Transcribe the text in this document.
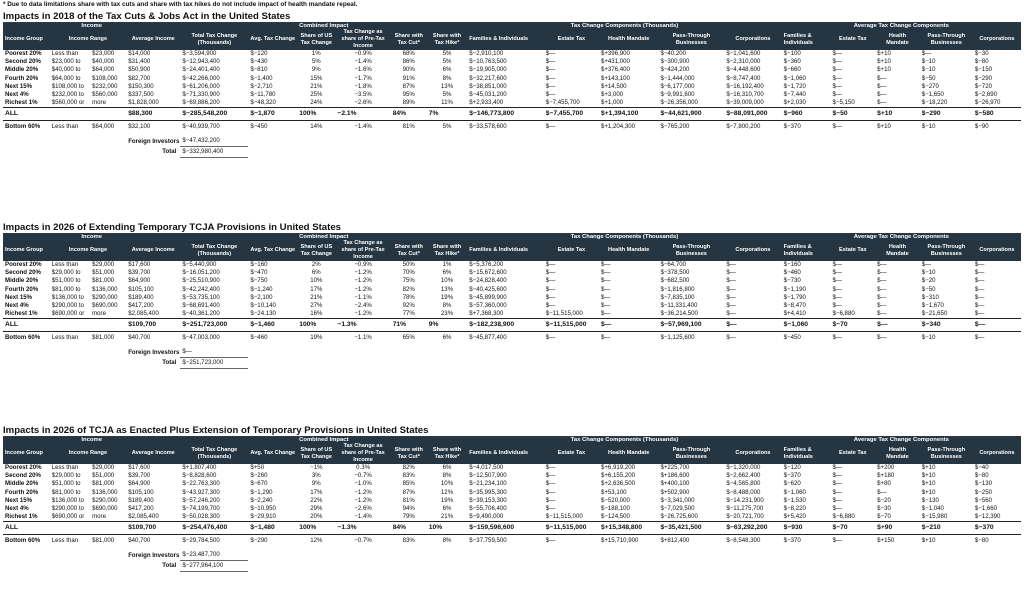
* Due to data limitations share with tax cuts and share with tax hikes do not include impact of health mandate repeal.
Impacts in 2018 of the Tax Cuts & Jobs Act in the United States
Income				Combined Impact						Tax Change Components (Thousands)					Average Tax Change Components				
Income Group	Income Range		Average Income	Total Tax Change (Thousands)	Avg. Tax Change	Share of US Tax Change	Tax Change as share of Pre-Tax Income	Share with Tax Cut*	Share with Tax Hike*	Families & Individuals	Estate Tax	Health Mandate	Pass-Through Businesses	Corporations	Families & Individuals	Estate Tax	Health Mandate	Pass-Through Businesses	Corporations
Poorest 20%	Less than	$23,000	$14,000	$−3,594,900	$−120	1%	−0.9%	68%	5%	$−2,910,100	$—	$+396,900	$−40,200	$−1,041,600	$−100	$—	$+10	$—	$−30
Second 20%	$23,000 to	$40,000	$31,400	$−12,943,400	$−430	5%	−1.4%	86%	5%	$−10,763,500	$—	$+431,000	$−300,900	$−2,310,000	$−360	$—	$+10	$−10	$−80
Middle 20%	$40,000 to	$64,000	$50,900	$−24,401,400	$−810	9%	−1.6%	90%	6%	$−19,905,000	$—	$+376,400	$−424,200	$−4,448,600	$−660	$—	$+10	$−10	$−150
Fourth 20%	$64,000 to	$108,000	$82,700	$−42,266,000	$−1,400	15%	−1.7%	91%	8%	$−32,217,600	$—	$+143,100	$−1,444,000	$−8,747,400	$−1,060	$—	$—	$−50	$−290
Next 15%	$108,000 to	$232,000	$150,300	$−61,206,000	$−2,710	21%	−1.8%	87%	13%	$−38,851,000	$—	$+14,500	$−6,177,000	$−16,192,400	$−1,720	$—	$—	$−270	$−720
Next 4%	$232,000 to	$560,000	$337,500	$−71,330,900	$−11,780	25%	−3.5%	95%	5%	$−45,031,200	$—	$+3,000	$−9,991,600	$−16,310,700	$−7,440	$—	$—	$−1,650	$−2,690
Richest 1%	$560,000 or	more	$1,828,000	$−69,886,200	$−48,320	24%	−2.6%	89%	11%	$+2,933,400	$−7,455,700	$+1,000	$−26,356,000	$−39,009,000	$+2,030	$−5,150	$—	$−18,220	$−26,970
ALL			$88,300	$−285,548,200	$−1,870	100%	−2.1%	84%	7%	$−146,773,800	$−7,455,700	$+1,394,100	$−44,621,900	$−88,091,000	$−960	$−50	$+10	$−290	$−580
Bottom 60%	Less than	$64,000	$32,100	$−40,939,700	$−450	14%	−1.4%	81%	5%	$−33,578,600	$—	$+1,204,300	$−765,200	$−7,800,200	$−370	$—	$+10	$−10	$−90

			Foreign Investors	$−47,432,200															
			Total	$−332,980,400															
Impacts in 2026 of Extending Temporary TCJA Provisions in United States
Income				Combined Impact						Tax Change Components (Thousands)					Average Tax Change Components				
Income Group	Income Range		Average Income	Total Tax Change (Thousands)	Avg. Tax Change	Share of US Tax Change	Tax Change as share of Pre-Tax Income	Share with Tax Cut*	Share with Tax Hike*	Families & Individuals	Estate Tax	Health Mandate	Pass-Through Businesses	Corporations	Families & Individuals	Estate Tax	Health Mandate	Pass-Through Businesses	Corporations
Poorest 20%	Less than	$29,000	$17,600	$−5,440,900	$−160	2%	−0.9%	50%	1%	$−5,376,200	$—	$—	$−64,700	$—	$−160	$—	$—	$—	$—
Second 20%	$29,000 to	$51,000	$39,700	$−16,051,200	$−470	6%	−1.2%	70%	6%	$−15,672,600	$—	$—	$−378,500	$—	$−460	$—	$—	$−10	$—
Middle 20%	$51,000 to	$81,000	$64,900	$−25,510,900	$−750	10%	−1.2%	75%	10%	$−24,828,400	$—	$—	$−682,500	$—	$−730	$—	$—	$−20	$—
Fourth 20%	$81,000 to	$136,000	$105,100	$−42,242,400	$−1,240	17%	−1.2%	82%	13%	$−40,425,600	$—	$—	$−1,816,800	$—	$−1,190	$—	$—	$−50	$—
Next 15%	$136,000 to	$290,000	$189,400	$−53,735,100	$−2,100	21%	−1.1%	78%	19%	$−45,899,900	$—	$—	$−7,835,100	$—	$−1,790	$—	$—	$−310	$—
Next 4%	$290,000 to	$690,000	$417,200	$−68,691,400	$−10,140	27%	−2.4%	92%	8%	$−57,360,000	$—	$—	$−11,331,400	$—	$−8,470	$—	$—	$−1,670	$—
Richest 1%	$690,000 or	more	$2,085,400	$−40,361,200	$−24,130	16%	−1.2%	77%	23%	$+7,368,300	$−11,515,000	$—	$−36,214,500	$—	$+4,410	$−6,880	$—	$−21,650	$—
ALL			$109,700	$−251,723,000	$−1,460	100%	−1.3%	71%	9%	$−182,238,900	$−11,515,000	$—	$−57,969,100	$—	$−1,060	$−70	$—	$−340	$—
Bottom 60%	Less than	$81,000	$40,700	$−47,003,000	$−460	19%	−1.1%	65%	6%	$−45,877,400	$—	$—	$−1,125,600	$—	$−450	$—	$—	$−10	$—

			Foreign Investors	$—															
			Total	$−251,723,000															
Impacts in 2026 of TCJA as Enacted Plus Extension of Temporary Provisions in United States
Income				Combined Impact						Tax Change Components (Thousands)					Average Tax Change Components				
Income Group	Income Range		Average Income	Total Tax Change (Thousands)	Avg. Tax Change	Share of US Tax Change	Tax Change as share of Pre-Tax Income	Share with Tax Cut*	Share with Tax Hike*	Families & Individuals	Estate Tax	Health Mandate	Pass-Through Businesses	Corporations	Families & Individuals	Estate Tax	Health Mandate	Pass-Through Businesses	Corporations
Poorest 20%	Less than	$29,000	$17,600	$+1,807,400	$+50	−1%	0.3%	82%	6%	$−4,017,500	$—	$+6,919,200	$+225,700	$−1,320,000	$−120	$—	$+200	$+10	$−40
Second 20%	$29,000 to	$51,000	$39,700	$−8,828,600	$−260	3%	−0.7%	83%	8%	$−12,507,900	$—	$+6,155,200	$+186,600	$−2,662,400	$−370	$—	$+180	$+10	$−80
Middle 20%	$51,000 to	$81,000	$64,900	$−22,763,300	$−670	9%	−1.0%	85%	10%	$−21,234,100	$—	$+2,636,500	$+400,100	$−4,565,800	$−620	$—	$+80	$+10	$−130
Fourth 20%	$81,000 to	$136,000	$105,100	$−43,927,300	$−1,290	17%	−1.2%	87%	12%	$−35,995,300	$—	$+53,100	$+502,900	$−8,488,000	$−1,060	$—	$—	$+10	$−250
Next 15%	$136,000 to	$290,000	$189,400	$−57,246,200	$−2,240	22%	−1.2%	81%	19%	$−39,153,300	$—	$−520,000	$−3,341,000	$−14,231,900	$−1,530	$—	$−20	$−130	$−560
Next 4%	$290,000 to	$690,000	$417,200	$−74,199,700	$−10,950	29%	−2.6%	94%	6%	$−55,706,400	$—	$−188,100	$−7,029,500	$−11,275,700	$−8,220	$—	$−30	$−1,040	$−1,660
Richest 1%	$690,000 or	more	$2,085,400	$−50,028,300	$−29,910	20%	−1.4%	79%	21%	$−9,490,000	$−11,515,000	$−124,500	$−26,725,600	$−20,721,700	$+5,420	$−6,880	$−70	$−15,980	$−12,390
ALL			$109,700	$−254,476,400	$−1,480	100%	−1.3%	84%	10%	$−159,596,600	$−11,515,000	$+15,348,800	$−35,421,500	$−63,292,200	$−930	$−70	$+90	$−210	$−370
Bottom 60%	Less than	$81,000	$40,700	$−29,784,500	$−290	12%	−0.7%	83%	8%	$−37,759,500	$—	$+15,710,900	$+812,400	$−8,548,300	$−370	$—	$+150	$+10	$−80

			Foreign Investors	$−23,487,700															
			Total	$−277,964,100															
